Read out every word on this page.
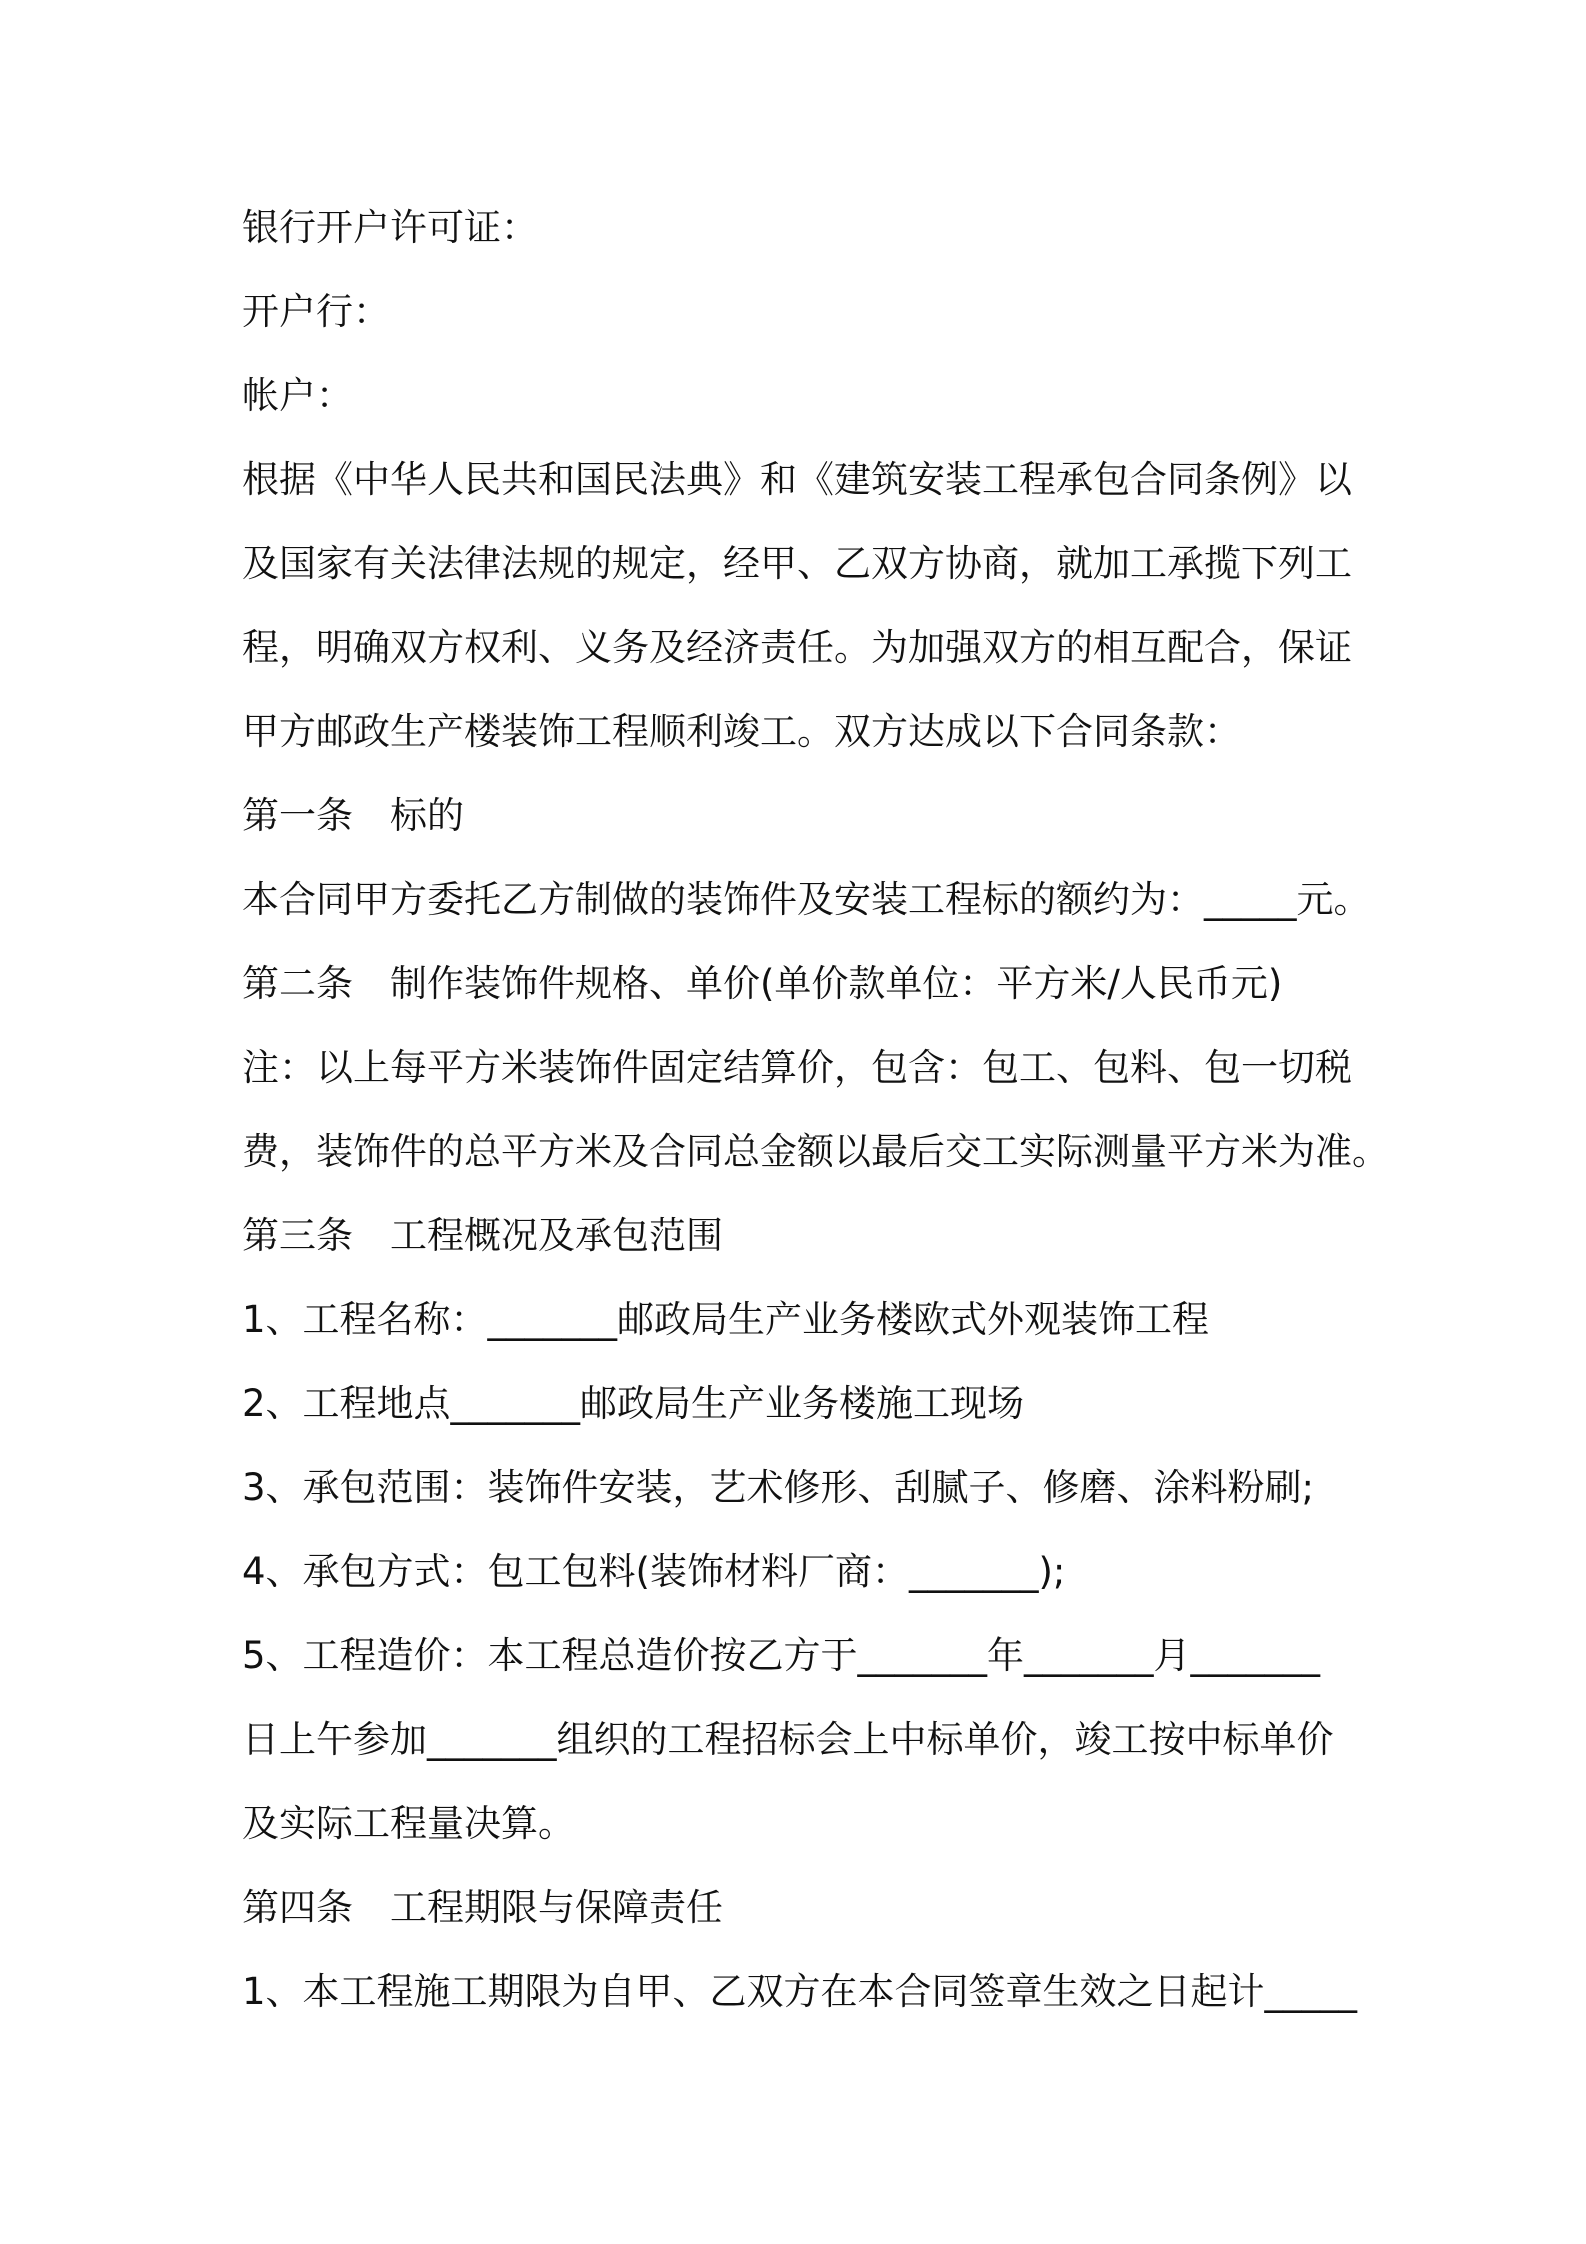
银行开户许可证：
开户行：
帐户：
根据《中华人民共和国民法典》和《建筑安装工程承包合同条例》以
及国家有关法律法规的规定，经甲、乙双方协商，就加工承揽下列工
程，明确双方权利、义务及经济责任。为加强双方的相互配合，保证
甲方邮政生产楼装饰工程顺利竣工。双方达成以下合同条款：
第一条　标的
本合同甲方委托乙方制做的装饰件及安装工程标的额约为：_____元。
第二条　制作装饰件规格、单价(单价款单位：平方米/人民币元)
注：以上每平方米装饰件固定结算价，包含：包工、包料、包一切税
费，装饰件的总平方米及合同总金额以最后交工实际测量平方米为准。
第三条　工程概况及承包范围
1、工程名称：_______邮政局生产业务楼欧式外观装饰工程
2、工程地点_______邮政局生产业务楼施工现场
3、承包范围：装饰件安装，艺术修形、刮腻子、修磨、涂料粉刷;
4、承包方式：包工包料(装饰材料厂商：_______);
5、工程造价：本工程总造价按乙方于_______年_______月_______
日上午参加_______组织的工程招标会上中标单价，竣工按中标单价
及实际工程量决算。
第四条　工程期限与保障责任
1、本工程施工期限为自甲、乙双方在本合同签章生效之日起计_____
